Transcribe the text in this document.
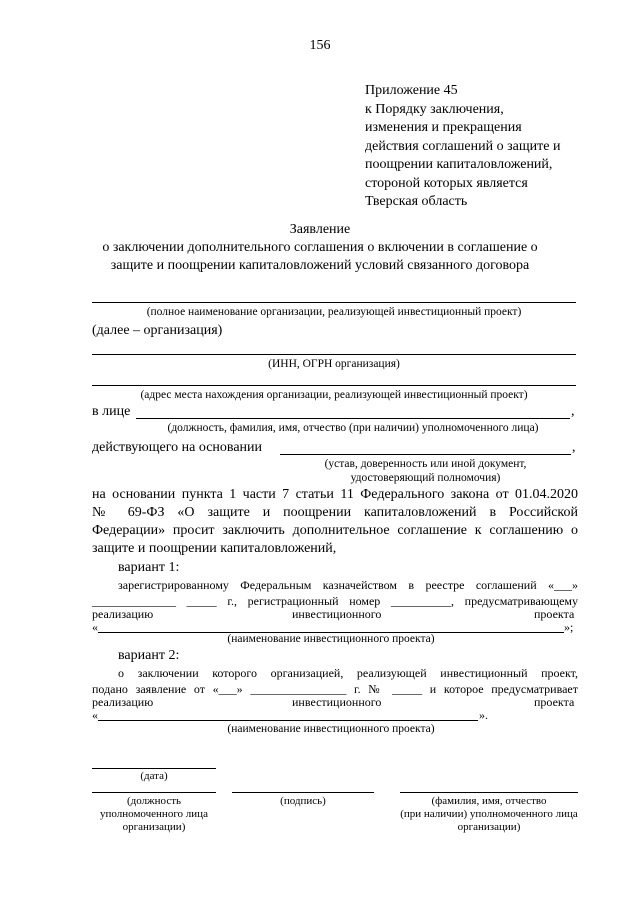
156
Приложение 45
к Порядку заключения,
изменения и прекращения
действия соглашений о защите и
поощрении капиталовложений,
стороной которых является
Тверская область
Заявление
о заключении дополнительного соглашения о включении в соглашение о
защите и поощрении капиталовложений условий связанного договора
(полное наименование организации, реализующей инвестиционный проект)
(далее – организация)
(ИНН, ОГРН организация)
(адрес места нахождения организации, реализующей инвестиционный проект)
в лице	,
(должность, фамилия, имя, отчество (при наличии) уполномоченного лица)
действующего на основании	,
(устав, доверенность или иной документ,
удостоверяющий полномочия)
на основании пункта 1 части 7 статьи 11 Федерального закона от 01.04.2020
№ 69-ФЗ «О защите и поощрении капиталовложений в Российской
Федерации» просит заключить дополнительное соглашение к соглашению о
защите и поощрении капиталовложений,
вариант 1:
зарегистрированному Федеральным казначейством в реестре соглашений «___»
______________ _____ г., регистрационный номер __________, предусматривающему
реализацию	инвестиционного	проекта
«	»;
(наименование инвестиционного проекта)
вариант 2:
о заключении которого организацией, реализующей инвестиционный проект,
подано заявление от «___» ________________ г. № _____ и которое предусматривает
реализацию	инвестиционного	проекта
«	».
(наименование инвестиционного проекта)
(дата)
(должность
уполномоченного лица
организации)
(подпись)	(фамилия, имя, отчество
(при наличии) уполномоченного лица
организации)
